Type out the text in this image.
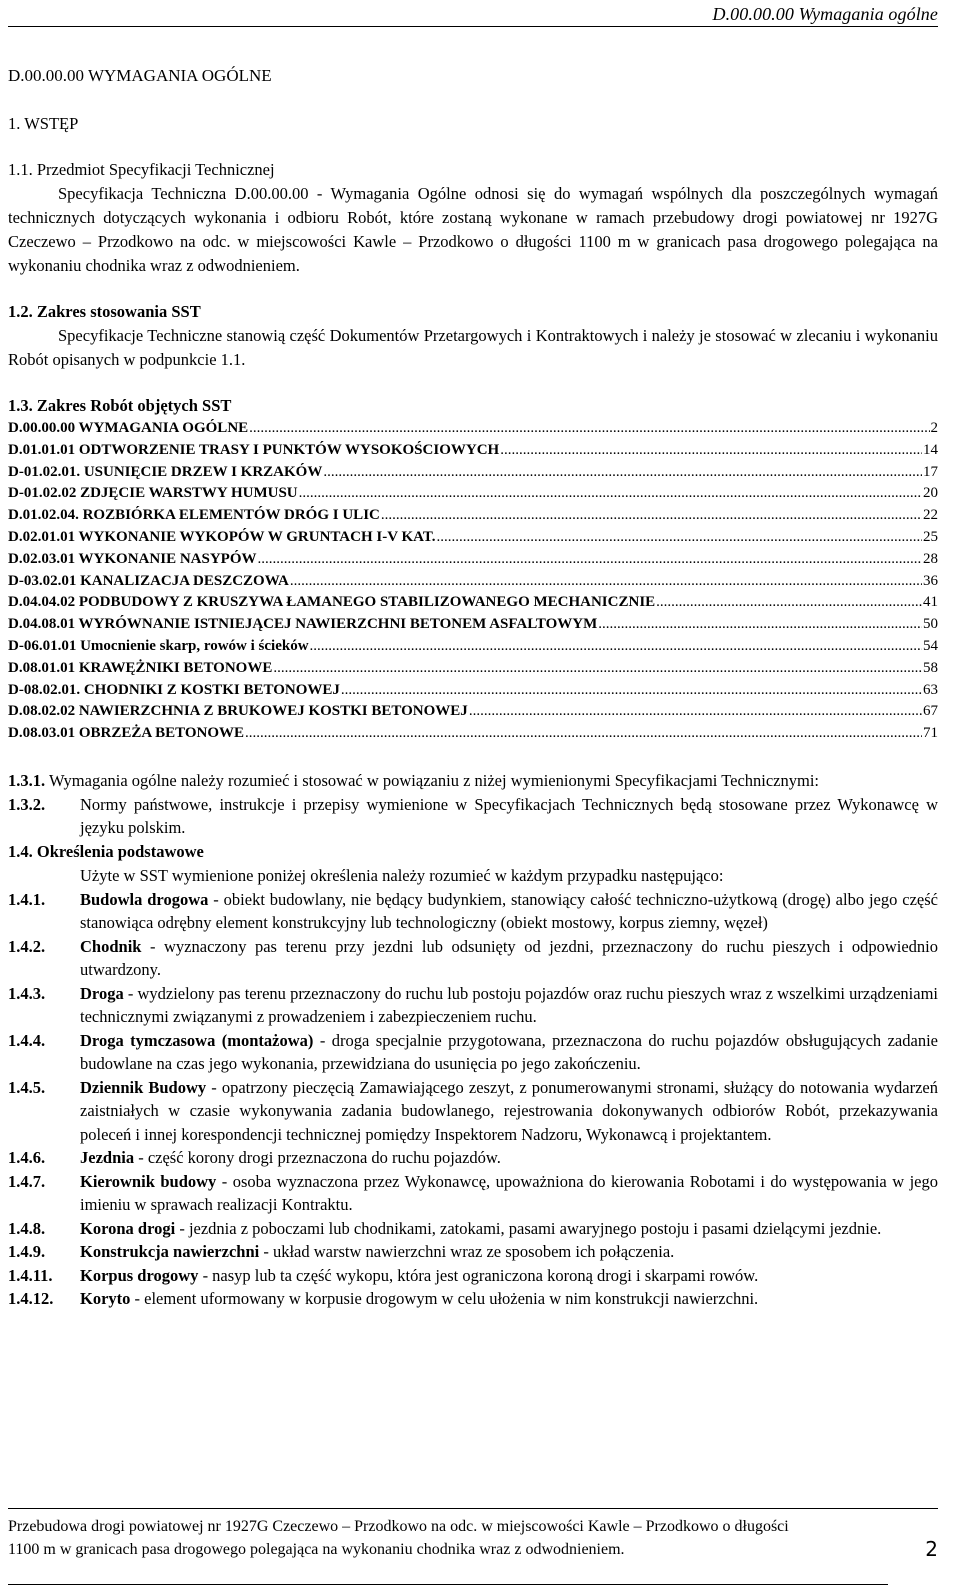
D.00.00.00 Wymagania ogólne
D.00.00.00 WYMAGANIA OGÓLNE
1. WSTĘP
1.1. Przedmiot Specyfikacji Technicznej
Specyfikacja Techniczna D.00.00.00 - Wymagania Ogólne odnosi się do wymagań wspólnych dla poszczególnych wymagań technicznych dotyczących wykonania i odbioru Robót, które zostaną wykonane w ramach przebudowy drogi powiatowej nr 1927G Czeczewo – Przodkowo na odc. w miejscowości Kawle – Przodkowo o długości 1100 m w granicach pasa drogowego polegająca na wykonaniu chodnika wraz z odwodnieniem.
1.2. Zakres stosowania SST
Specyfikacje Techniczne stanowią część Dokumentów Przetargowych i Kontraktowych i należy je stosować w zlecaniu i wykonaniu Robót opisanych w podpunkcie 1.1.
1.3. Zakres Robót objętych SST
D.00.00.00 WYMAGANIA OGÓLNE .....	2
D.01.01.01 ODTWORZENIE TRASY I PUNKTÓW WYSOKOŚCIOWYCH .....	14
D-01.02.01. USUNIĘCIE DRZEW I KRZAKÓW .....	17
D-01.02.02 ZDJĘCIE WARSTWY HUMUSU .....	20
D.01.02.04. ROZBIÓRKA ELEMENTÓW DRÓG I ULIC .....	22
D.02.01.01 WYKONANIE WYKOPÓW W GRUNTACH I-V KAT. .....	25
D.02.03.01 WYKONANIE NASYPÓW .....	28
D-03.02.01 KANALIZACJA DESZCZOWA .....	36
D.04.04.02 PODBUDOWY Z KRUSZYWA ŁAMANEGO STABILIZOWANEGO MECHANICZNIE .....	41
D.04.08.01 WYRÓWNANIE ISTNIEJĄCEJ NAWIERZCHNI BETONEM ASFALTOWYM .....	50
D-06.01.01 Umocnienie skarp, rowów i ścieków .....	54
D.08.01.01 KRAWĘŻNIKI BETONOWE .....	58
D-08.02.01. CHODNIKI Z KOSTKI BETONOWEJ .....	63
D.08.02.02 NAWIERZCHNIA Z BRUKOWEJ KOSTKI BETONOWEJ .....	67
D.08.03.01 OBRZEŻA BETONOWE .....	71
1.3.1. Wymagania ogólne należy rozumieć i stosować w powiązaniu z niżej wymienionymi Specyfikacjami Technicznymi:
1.3.2.	Normy państwowe, instrukcje i przepisy wymienione w Specyfikacjach Technicznych będą stosowane przez Wykonawcę w języku polskim.
1.4. Określenia podstawowe
Użyte w SST wymienione poniżej określenia należy rozumieć w każdym przypadku następująco:
1.4.1.	Budowla drogowa - obiekt budowlany, nie będący budynkiem, stanowiący całość techniczno-użytkową (drogę) albo jego część stanowiąca odrębny element konstrukcyjny lub technologiczny (obiekt mostowy, korpus ziemny, węzeł)
1.4.2.	Chodnik - wyznaczony pas terenu przy jezdni lub odsunięty od jezdni, przeznaczony do ruchu pieszych i odpowiednio utwardzony.
1.4.3.	Droga - wydzielony pas terenu przeznaczony do ruchu lub postoju pojazdów oraz ruchu pieszych wraz z wszelkimi urządzeniami technicznymi związanymi z prowadzeniem i zabezpieczeniem ruchu.
1.4.4.	Droga tymczasowa (montażowa) - droga specjalnie przygotowana, przeznaczona do ruchu pojazdów obsługujących zadanie budowlane na czas jego wykonania, przewidziana do usunięcia po jego zakończeniu.
1.4.5.	Dziennik Budowy - opatrzony pieczęcią Zamawiającego zeszyt, z ponumerowanymi stronami, służący do notowania wydarzeń zaistniałych w czasie wykonywania zadania budowlanego, rejestrowania dokonywanych odbiorów Robót, przekazywania poleceń i innej korespondencji technicznej pomiędzy Inspektorem Nadzoru, Wykonawcą i projektantem.
1.4.6.	Jezdnia - część korony drogi przeznaczona do ruchu pojazdów.
1.4.7.	Kierownik budowy - osoba wyznaczona przez Wykonawcę, upoważniona do kierowania Robotami i do występowania w jego imieniu w sprawach realizacji Kontraktu.
1.4.8.	Korona drogi - jezdnia z poboczami lub chodnikami, zatokami, pasami awaryjnego postoju i pasami dzielącymi jezdnie.
1.4.9.	Konstrukcja nawierzchni - układ warstw nawierzchni wraz ze sposobem ich połączenia.
1.4.11.	Korpus drogowy - nasyp lub ta część wykopu, która jest ograniczona koroną drogi i skarpami rowów.
1.4.12.	Koryto - element uformowany w korpusie drogowym w celu ułożenia w nim konstrukcji nawierzchni.
Przebudowa drogi powiatowej nr 1927G Czeczewo – Przodkowo na odc. w miejscowości Kawle – Przodkowo o długości
1100 m w granicach pasa drogowego polegająca na wykonaniu chodnika wraz z odwodnieniem.	2
